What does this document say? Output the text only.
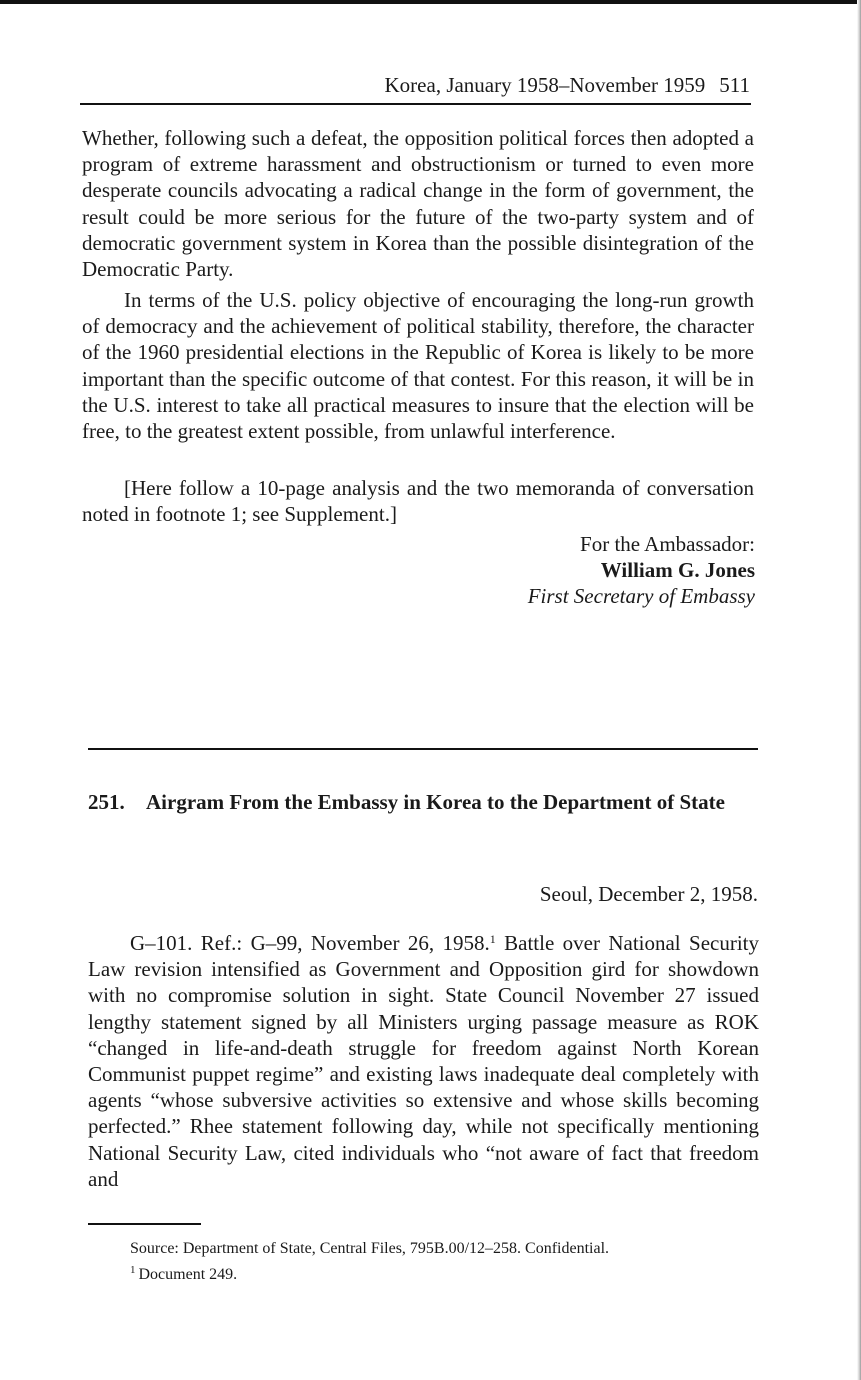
Korea, January 1958–November 1959 511

Whether, following such a defeat, the opposition political forces then adopted a program of extreme harassment and obstructionism or turned to even more desperate councils advocating a radical change in the form of government, the result could be more serious for the future of the two-party system and of democratic government system in Korea than the possible disintegration of the Democratic Party.

In terms of the U.S. policy objective of encouraging the long-run growth of democracy and the achievement of political stability, therefore, the character of the 1960 presidential elections in the Republic of Korea is likely to be more important than the specific outcome of that contest. For this reason, it will be in the U.S. interest to take all practical measures to insure that the election will be free, to the greatest extent possible, from unlawful interference.

[Here follow a 10-page analysis and the two memoranda of conversation noted in footnote 1; see Supplement.]

For the Ambassador:
William G. Jones
First Secretary of Embassy
251. Airgram From the Embassy in Korea to the Department of State
Seoul, December 2, 1958.

G–101. Ref.: G–99, November 26, 1958.$^1$ Battle over National Security Law revision intensified as Government and Opposition gird for showdown with no compromise solution in sight. State Council November 27 issued lengthy statement signed by all Ministers urging passage measure as ROK “changed in life-and-death struggle for freedom against North Korean Communist puppet regime” and existing laws inadequate deal completely with agents “whose subversive activities so extensive and whose skills becoming perfected.” Rhee statement following day, while not specifically mentioning National Security Law, cited individuals who “not aware of fact that freedom and

Source: Department of State, Central Files, 795B.00/12–258. Confidential.
$^1$ Document 249.
